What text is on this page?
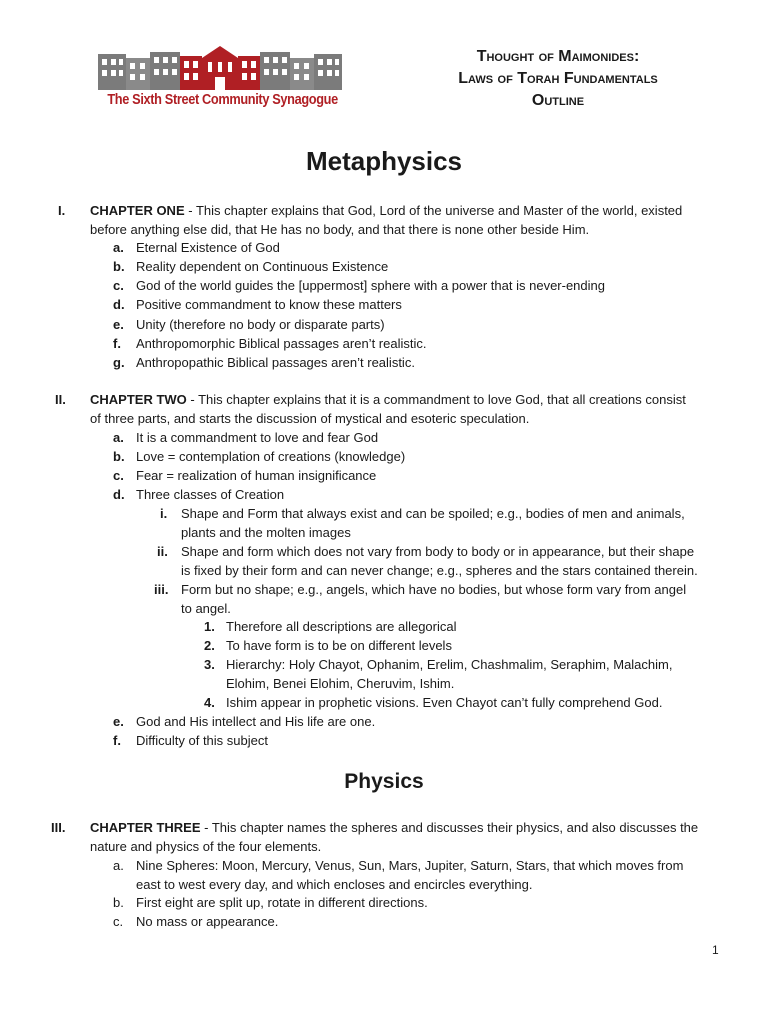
The Sixth Street Community Synagogue
Thought of Maimonides:
Laws of Torah Fundamentals
Outline
Metaphysics
I. CHAPTER ONE - This chapter explains that God, Lord of the universe and Master of the world, existed
before anything else did, that He has no body, and that there is none other beside Him.
a. Eternal Existence of God
b. Reality dependent on Continuous Existence
c. God of the world guides the [uppermost] sphere with a power that is never-ending
d. Positive commandment to know these matters
e. Unity (therefore no body or disparate parts)
f. Anthropomorphic Biblical passages aren’t realistic.
g. Anthropopathic Biblical passages aren’t realistic.
II. CHAPTER TWO - This chapter explains that it is a commandment to love God, that all creations consist
of three parts, and starts the discussion of mystical and esoteric speculation.
a. It is a commandment to love and fear God
b. Love = contemplation of creations (knowledge)
c. Fear = realization of human insignificance
d. Three classes of Creation
i. Shape and Form that always exist and can be spoiled; e.g., bodies of men and animals,
plants and the molten images
ii. Shape and form which does not vary from body to body or in appearance, but their shape
is fixed by their form and can never change; e.g., spheres and the stars contained therein.
iii. Form but no shape; e.g., angels, which have no bodies, but whose form vary from angel
to angel.
1. Therefore all descriptions are allegorical
2. To have form is to be on different levels
3. Hierarchy: Holy Chayot, Ophanim, Erelim, Chashmalim, Seraphim, Malachim,
Elohim, Benei Elohim, Cheruvim, Ishim.
4. Ishim appear in prophetic visions. Even Chayot can’t fully comprehend God.
e. God and His intellect and His life are one.
f. Difficulty of this subject
Physics
III. CHAPTER THREE - This chapter names the spheres and discusses their physics, and also discusses the
nature and physics of the four elements.
a. Nine Spheres: Moon, Mercury, Venus, Sun, Mars, Jupiter, Saturn, Stars, that which moves from
east to west every day, and which encloses and encircles everything.
b. First eight are split up, rotate in different directions.
c. No mass or appearance.
1
